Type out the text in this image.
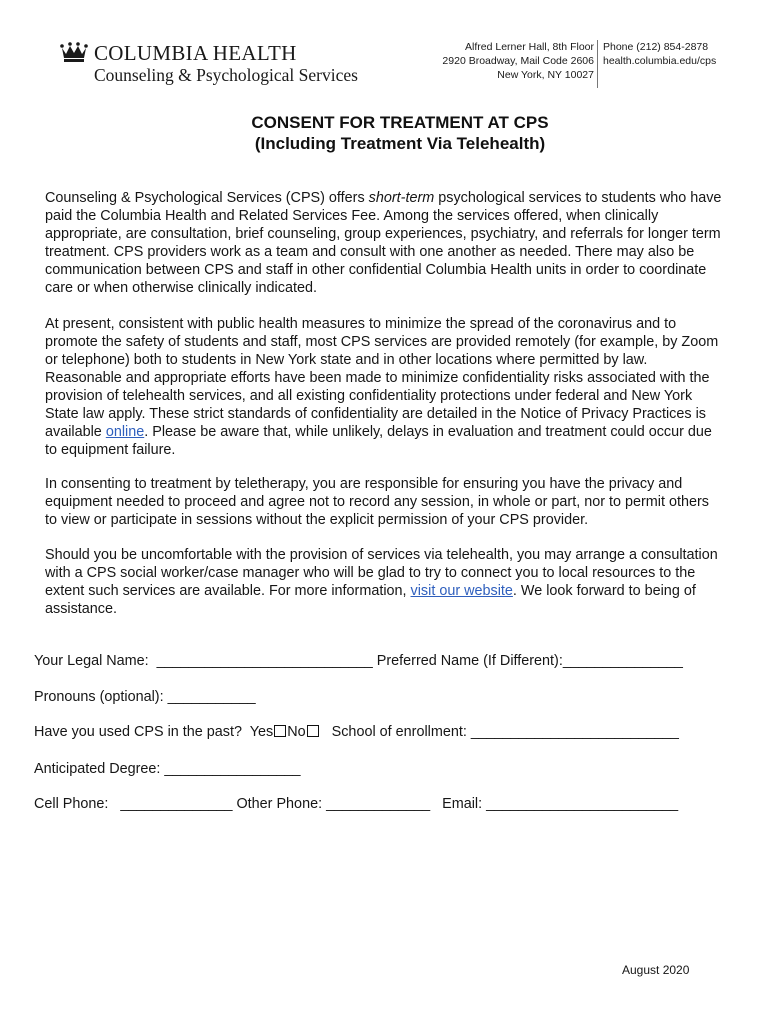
COLUMBIA HEALTH
Counseling & Psychological Services
Alfred Lerner Hall, 8th Floor
2920 Broadway, Mail Code 2606
New York, NY 10027
Phone (212) 854-2878
health.columbia.edu/cps
CONSENT FOR TREATMENT AT CPS
(Including Treatment Via Telehealth)
Counseling & Psychological Services (CPS) offers short-term psychological services to students who have paid the Columbia Health and Related Services Fee. Among the services offered, when clinically appropriate, are consultation, brief counseling, group experiences, psychiatry, and referrals for longer term treatment. CPS providers work as a team and consult with one another as needed. There may also be communication between CPS and staff in other confidential Columbia Health units in order to coordinate care or when otherwise clinically indicated.
At present, consistent with public health measures to minimize the spread of the coronavirus and to promote the safety of students and staff, most CPS services are provided remotely (for example, by Zoom or telephone) both to students in New York state and in other locations where permitted by law. Reasonable and appropriate efforts have been made to minimize confidentiality risks associated with the provision of telehealth services, and all existing confidentiality protections under federal and New York State law apply. These strict standards of confidentiality are detailed in the Notice of Privacy Practices is available online. Please be aware that, while unlikely, delays in evaluation and treatment could occur due to equipment failure.
In consenting to treatment by teletherapy, you are responsible for ensuring you have the privacy and equipment needed to proceed and agree not to record any session, in whole or part, nor to permit others to view or participate in sessions without the explicit permission of your CPS provider.
Should you be uncomfortable with the provision of services via telehealth, you may arrange a consultation with a CPS social worker/case manager who will be glad to try to connect you to local resources to the extent such services are available. For more information, visit our website. We look forward to being of assistance.
Your Legal Name: ___________________________ Preferred Name (If Different):_______________
Pronouns (optional): ___________
Have you used CPS in the past? Yes No School of enrollment: __________________________
Anticipated Degree: _________________
Cell Phone: ______________ Other Phone: _____________ Email: ________________________
August 2020
